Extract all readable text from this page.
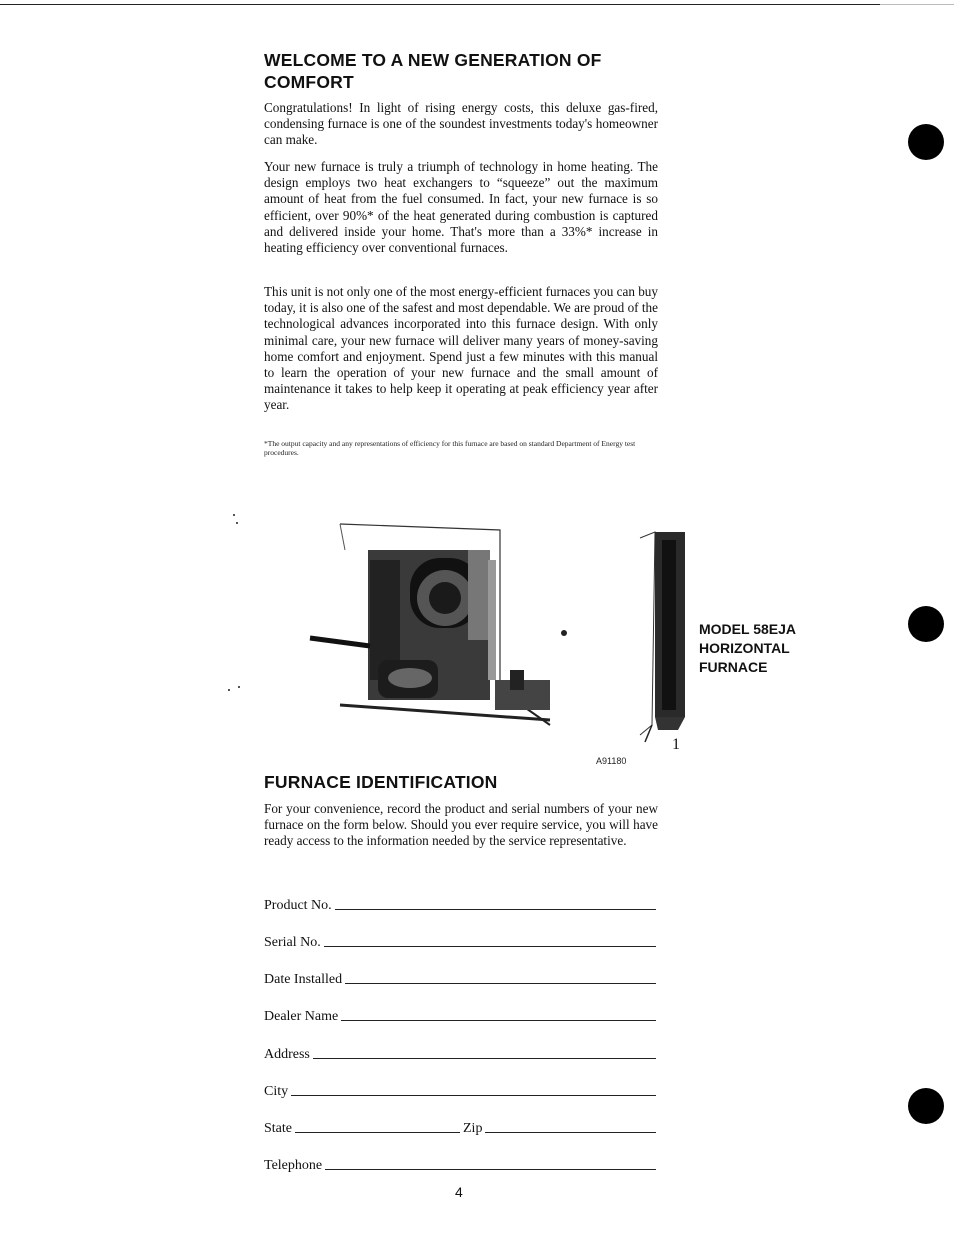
WELCOME TO A NEW GENERATION OF COMFORT

Congratulations! In light of rising energy costs, this deluxe gas-fired, condensing furnace is one of the soundest investments today's homeowner can make.

Your new furnace is truly a triumph of technology in home heating. The design employs two heat exchangers to “squeeze” out the maximum amount of heat from the fuel consumed. In fact, your new furnace is so efficient, over 90%* of the heat generated during combustion is captured and delivered inside your home. That's more than a 33%* increase in heating efficiency over conventional furnaces.

This unit is not only one of the most energy-efficient furnaces you can buy today, it is also one of the safest and most dependable. We are proud of the technological advances incorporated into this furnace design. With only minimal care, your new furnace will deliver many years of money-saving home comfort and enjoyment. Spend just a few minutes with this manual to learn the operation of your new furnace and the small amount of maintenance it takes to help keep it operating at peak efficiency year after year.

*The output capacity and any representations of efficiency for this furnace are based on standard Department of Energy test procedures.

MODEL 58EJA
HORIZONTAL
FURNACE
1
A91180
FURNACE IDENTIFICATION

For your convenience, record the product and serial numbers of your new furnace on the form below. Should you ever require service, you will have ready access to the information needed by the service representative.

Product No.
Serial No.
Date Installed
Dealer Name
Address
City
State	Zip
Telephone
4
